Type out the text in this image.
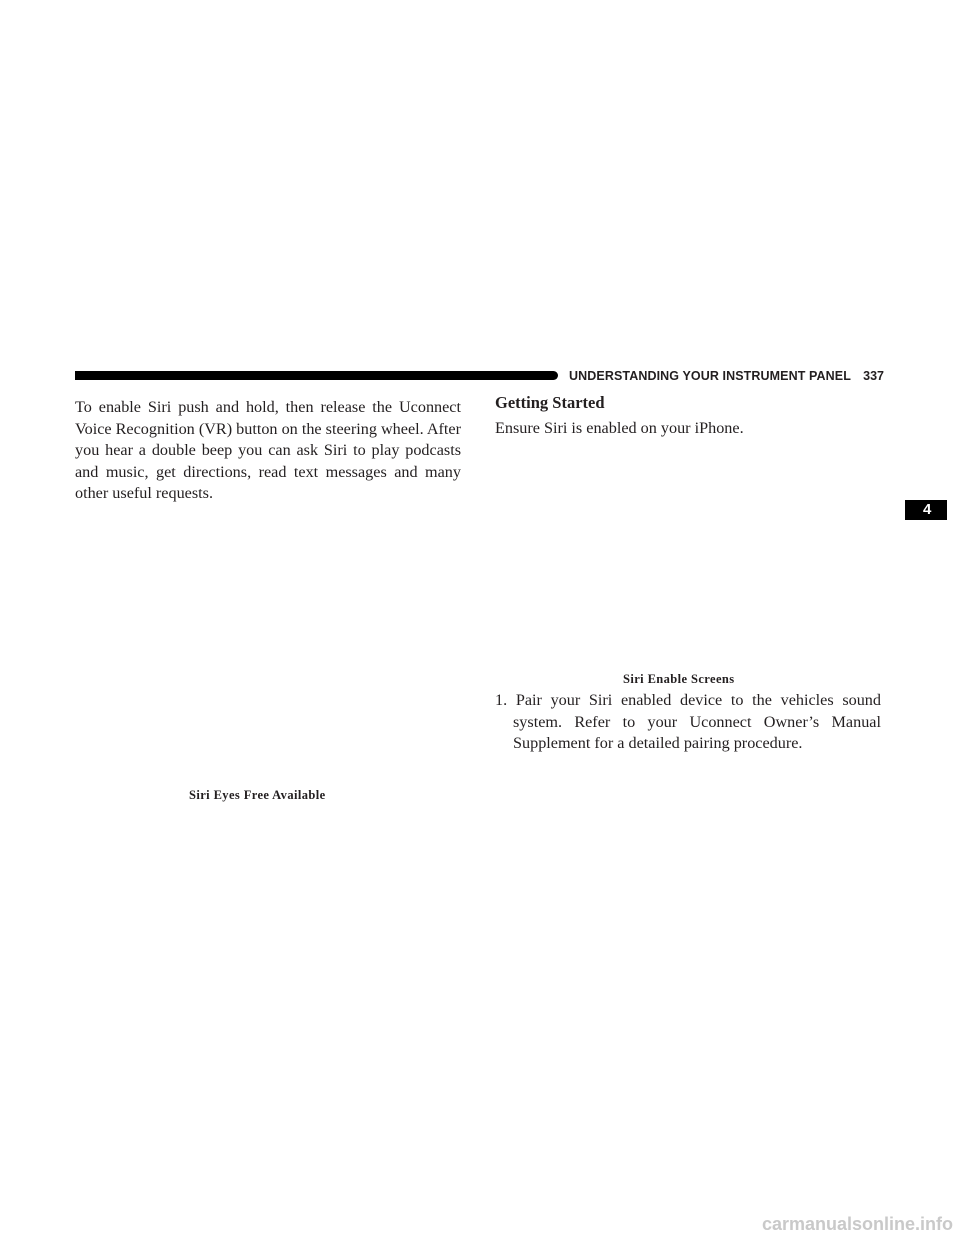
UNDERSTANDING YOUR INSTRUMENT PANEL 337
4
To enable Siri push and hold, then release the Uconnect Voice Recognition (VR) button on the steering wheel. After you hear a double beep you can ask Siri to play podcasts and music, get directions, read text messages and many other useful requests.
Siri Eyes Free Available
Getting Started
Ensure Siri is enabled on your iPhone.
Siri Enable Screens
1. Pair your Siri enabled device to the vehicles sound system. Refer to your Uconnect Owner’s Manual Supplement for a detailed pairing procedure.
carmanualsonline.info
